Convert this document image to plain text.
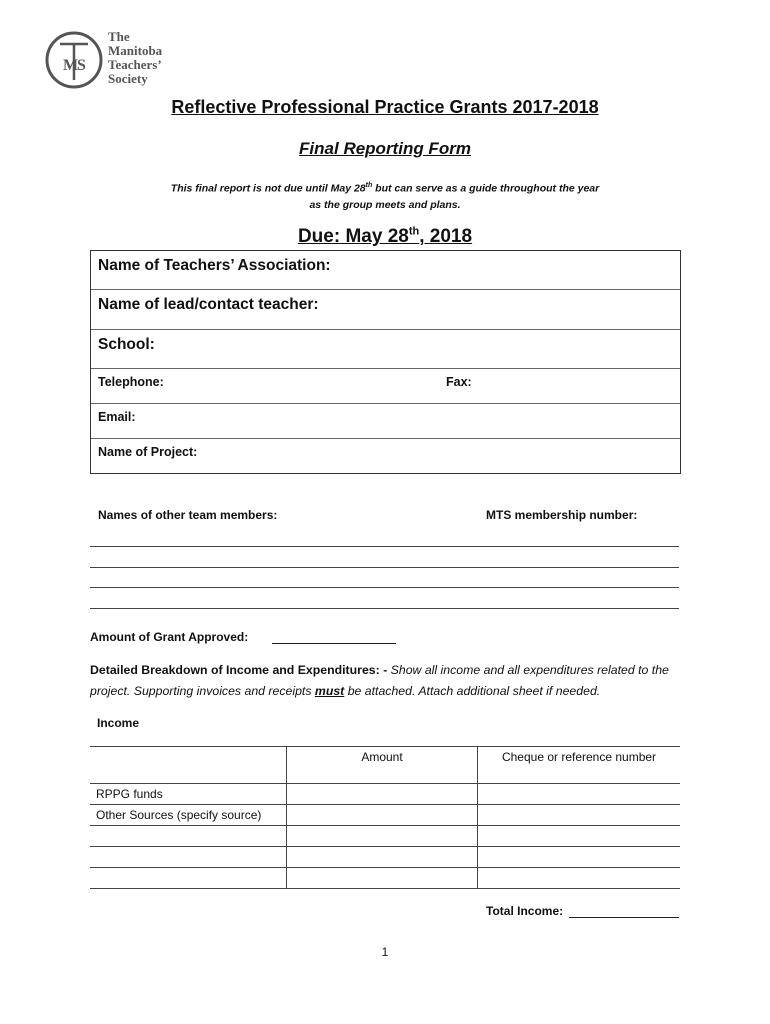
M
S
The
Manitoba
Teachers’
Society
Reflective Professional Practice Grants 2017-2018
Final Reporting Form
This final report is not due until May 28th but can serve as a guide throughout the year
as the group meets and plans.
Due: May 28th, 2018
Name of Teachers’ Association:
Name of lead/contact teacher:
School:
Telephone:	Fax:
Email:
Name of Project:
Names of other team members:	MTS membership number:
Amount of Grant Approved:
Detailed Breakdown of Income and Expenditures: - Show all income and all expenditures related to the project. Supporting invoices and receipts must be attached. Attach additional sheet if needed.
Income
	Amount	Cheque or reference number
RPPG funds		
Other Sources (specify source)		

Total Income:
1
